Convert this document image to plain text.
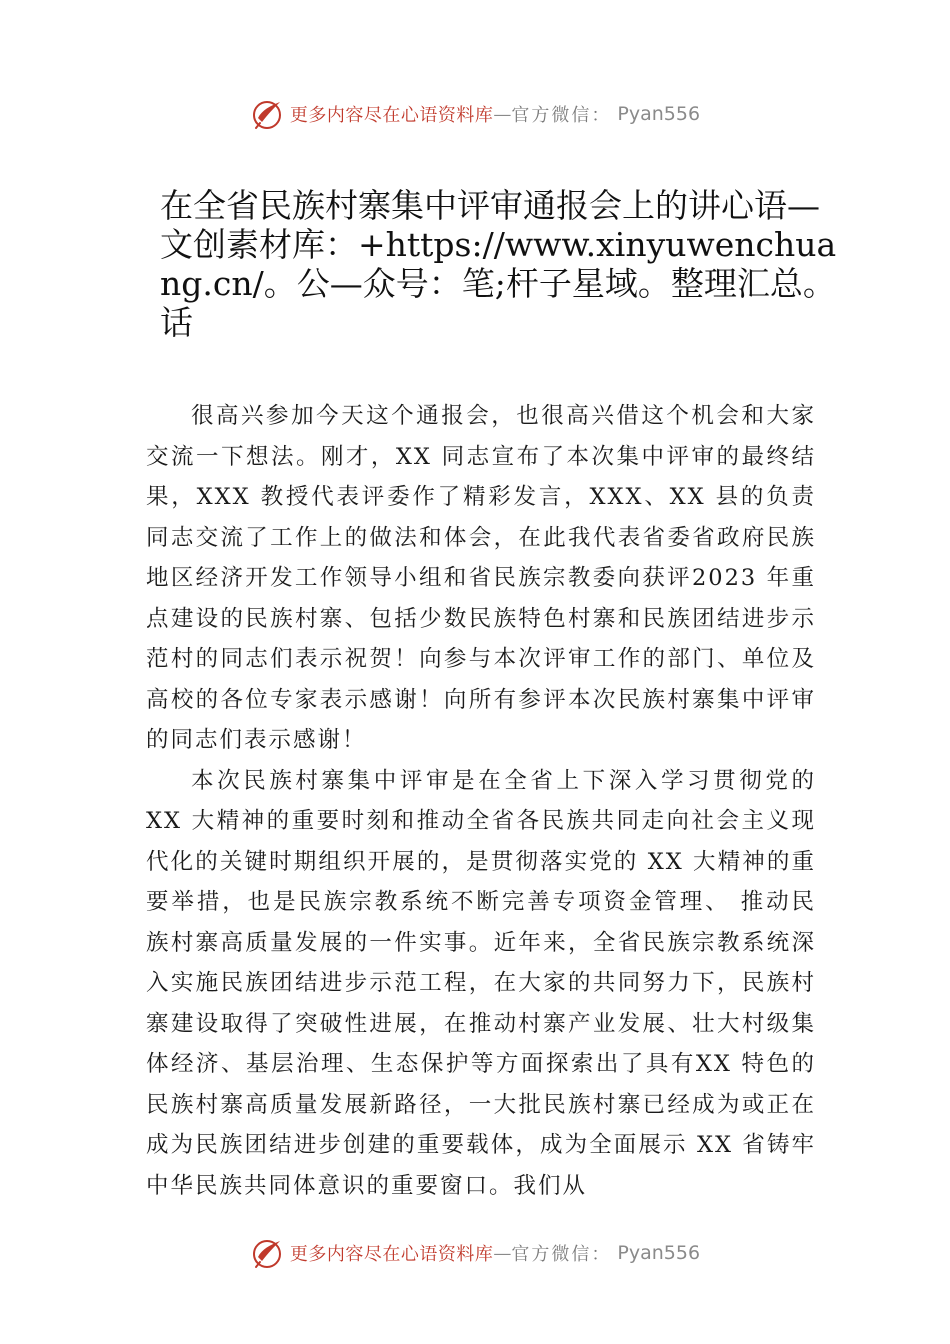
更多内容尽在心语资料库 — 官方微信： Pyan556
在全省民族村寨集中评审通报会上的讲心语—文创素材库：+https://www.xinyuwenchuang.cn/。公—众号：笔;杆子星域。整理汇总。话

很高兴参加今天这个通报会，也很高兴借这个机会和大家交流一下想法。刚才，XX 同志宣布了本次集中评审的最终结果，XXX 教授代表评委作了精彩发言，XXX、XX 县的负责同志交流了工作上的做法和体会，在此我代表省委省政府民族地区经济开发工作领导小组和省民族宗教委向获评2023 年重点建设的民族村寨、包括少数民族特色村寨和民族团结进步示范村的同志们表示祝贺！向参与本次评审工作的部门、单位及高校的各位专家表示感谢！向所有参评本次民族村寨集中评审的同志们表示感谢！

本次民族村寨集中评审是在全省上下深入学习贯彻党的 XX 大精神的重要时刻和推动全省各民族共同走向社会主义现代化的关键时期组织开展的，是贯彻落实党的 XX 大精神的重要举措，也是民族宗教系统不断完善专项资金管理、 推动民族村寨高质量发展的一件实事。近年来，全省民族宗教系统深入实施民族团结进步示范工程，在大家的共同努力下，民族村寨建设取得了突破性进展，在推动村寨产业发展、壮大村级集体经济、基层治理、生态保护等方面探索出了具有XX 特色的民族村寨高质量发展新路径，一大批民族村寨已经成为或正在成为民族团结进步创建的重要载体，成为全面展示 XX 省铸牢中华民族共同体意识的重要窗口。我们从

更多内容尽在心语资料库 — 官方微信： Pyan556
